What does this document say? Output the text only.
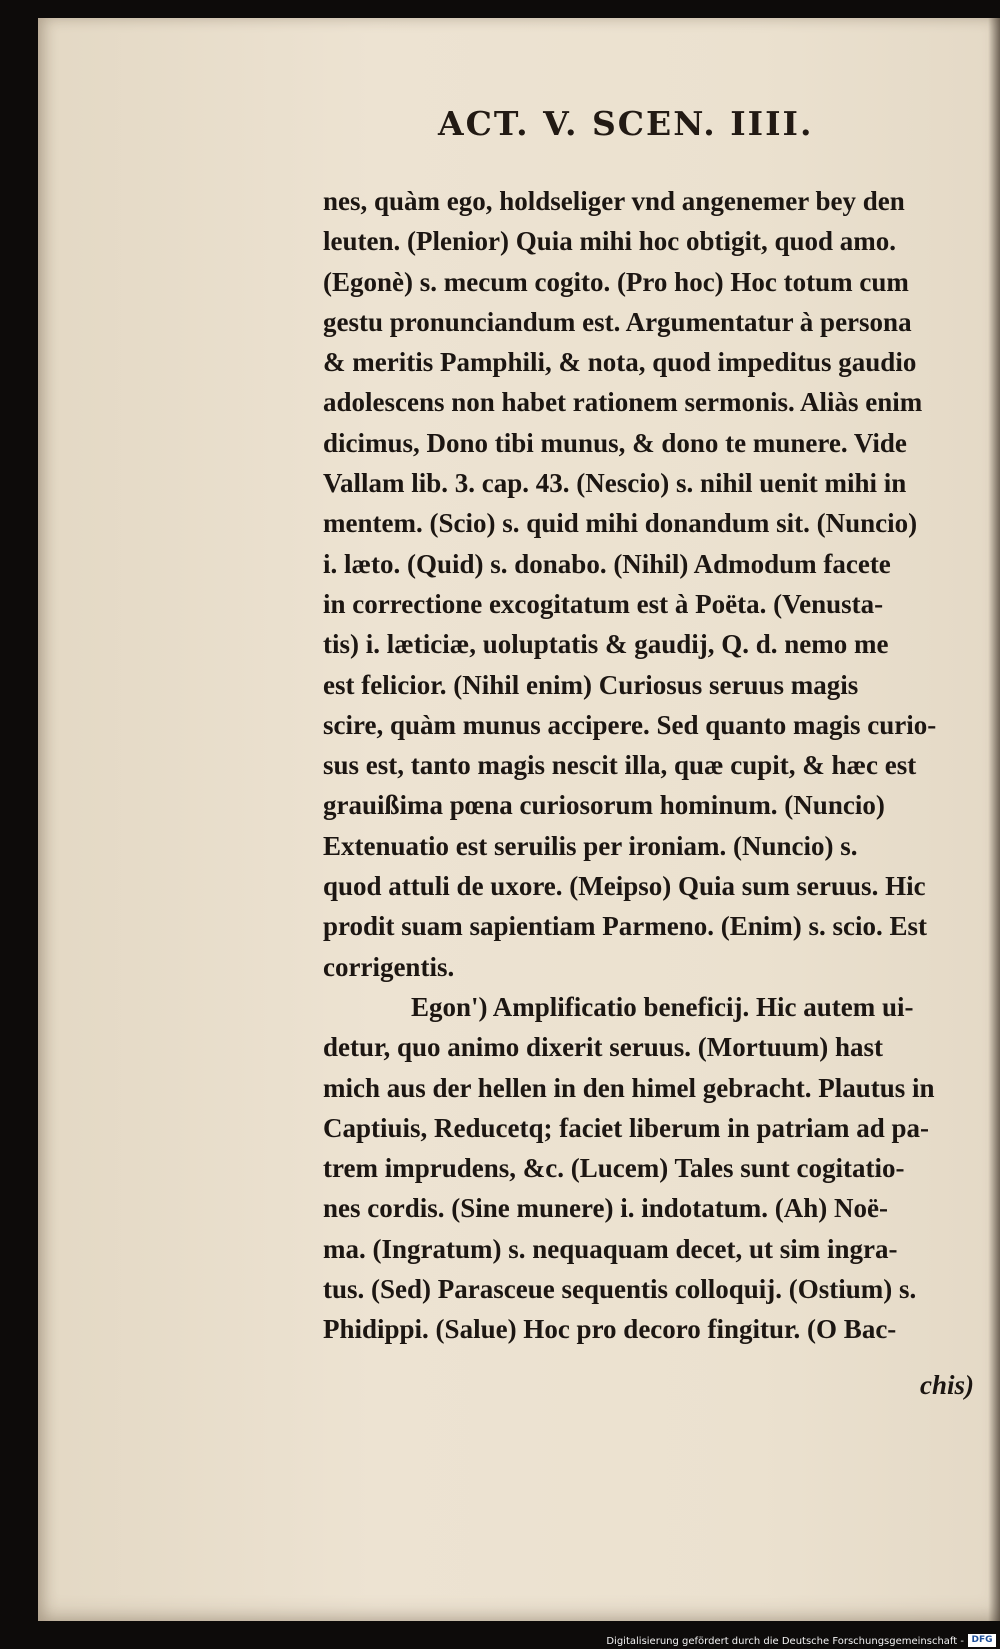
ACT. V. SCEN. IIII.

nes, quàm ego, holdseliger vnd angenemer bey den
leuten. (Plenior) Quia mihi hoc obtigit, quod amo.
(Egonè) s. mecum cogito. (Pro hoc) Hoc totum cum
gestu pronunciandum est. Argumentatur à persona
& meritis Pamphili, & nota, quod impeditus gaudio
adolescens non habet rationem sermonis. Aliàs enim
dicimus, Dono tibi munus, & dono te munere. Vide
Vallam lib. 3. cap. 43. (Nescio) s. nihil uenit mihi in
mentem. (Scio) s. quid mihi donandum sit. (Nuncio)
i. læto. (Quid) s. donabo. (Nihil) Admodum facete
in correctione excogitatum est à Poëta. (Venusta-
tis) i. læticiæ, uoluptatis & gaudij, Q. d. nemo me
est felicior. (Nihil enim) Curiosus seruus magis
scire, quàm munus accipere. Sed quanto magis curio-
sus est, tanto magis nescit illa, quæ cupit, & hæc est
grauißima pœna curiosorum hominum. (Nuncio)
Extenuatio est seruilis per ironiam. (Nuncio) s.
quod attuli de uxore. (Meipso) Quia sum seruus. Hic
prodit suam sapientiam Parmeno. (Enim) s. scio. Est
corrigentis.
Egon') Amplificatio beneficij. Hic autem ui-
detur, quo animo dixerit seruus. (Mortuum) hast
mich aus der hellen in den himel gebracht. Plautus in
Captiuis, Reducetq; faciet liberum in patriam ad pa-
trem imprudens, &c. (Lucem) Tales sunt cogitatio-
nes cordis. (Sine munere) i. indotatum. (Ah) Noë-
ma. (Ingratum) s. nequaquam decet, ut sim ingra-
tus. (Sed) Parasceue sequentis colloquij. (Ostium) s.
Phidippi. (Salue) Hoc pro decoro fingitur. (O Bac-

chis)

Digitalisierung gefördert durch die Deutsche Forschungsgemeinschaft - DFG
